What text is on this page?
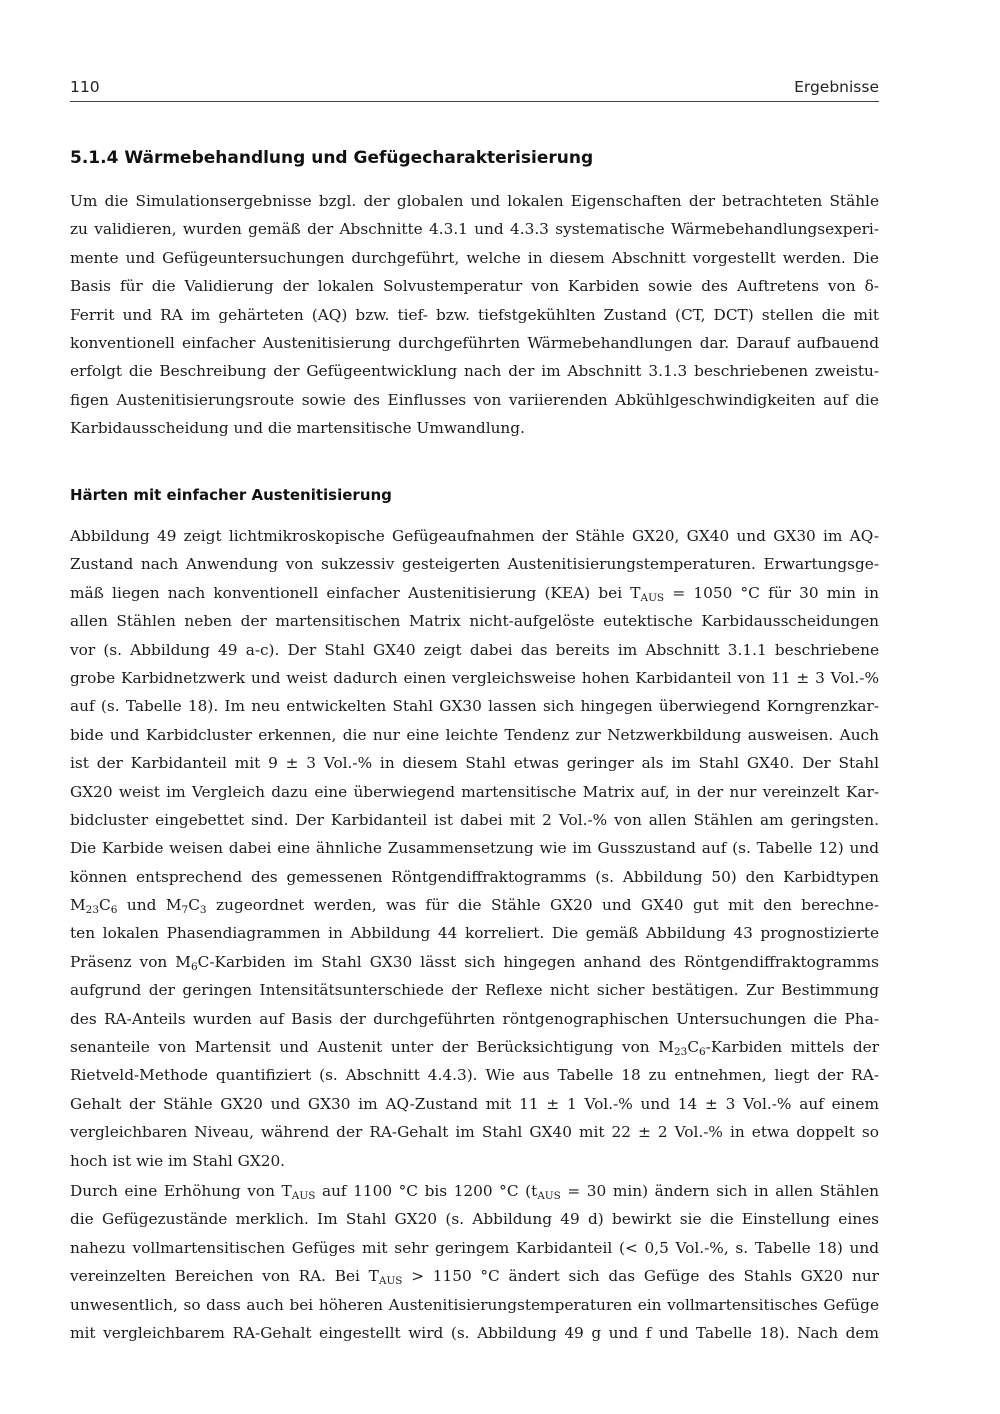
110	Ergebnisse
5.1.4 Wärmebehandlung und Gefügecharakterisierung
Um die Simulationsergebnisse bzgl. der globalen und lokalen Eigenschaften der betrachteten Stähle
zu validieren, wurden gemäß der Abschnitte 4.3.1 und 4.3.3 systematische Wärmebehandlungsexperi-
mente und Gefügeuntersuchungen durchgeführt, welche in diesem Abschnitt vorgestellt werden. Die
Basis für die Validierung der lokalen Solvustemperatur von Karbiden sowie des Auftretens von δ-
Ferrit und RA im gehärteten (AQ) bzw. tief- bzw. tiefstgekühlten Zustand (CT, DCT) stellen die mit
konventionell einfacher Austenitisierung durchgeführten Wärmebehandlungen dar. Darauf aufbauend
erfolgt die Beschreibung der Gefügeentwicklung nach der im Abschnitt 3.1.3 beschriebenen zweistu-
figen Austenitisierungsroute sowie des Einflusses von variierenden Abkühlgeschwindigkeiten auf die
Karbidausscheidung und die martensitische Umwandlung.
Härten mit einfacher Austenitisierung
Abbildung 49 zeigt lichtmikroskopische Gefügeaufnahmen der Stähle GX20, GX40 und GX30 im AQ-
Zustand nach Anwendung von sukzessiv gesteigerten Austenitisierungstemperaturen. Erwartungsge-
mäß liegen nach konventionell einfacher Austenitisierung (KEA) bei $T_{AUS} = 1050$ °C für 30 min in
allen Stählen neben der martensitischen Matrix nicht-aufgelöste eutektische Karbidausscheidungen
vor (s. Abbildung 49 a-c). Der Stahl GX40 zeigt dabei das bereits im Abschnitt 3.1.1 beschriebene
grobe Karbidnetzwerk und weist dadurch einen vergleichsweise hohen Karbidanteil von 11 ± 3 Vol.-%
auf (s. Tabelle 18). Im neu entwickelten Stahl GX30 lassen sich hingegen überwiegend Korngrenzkar-
bide und Karbidcluster erkennen, die nur eine leichte Tendenz zur Netzwerkbildung ausweisen. Auch
ist der Karbidanteil mit 9 ± 3 Vol.-% in diesem Stahl etwas geringer als im Stahl GX40. Der Stahl
GX20 weist im Vergleich dazu eine überwiegend martensitische Matrix auf, in der nur vereinzelt Kar-
bidcluster eingebettet sind. Der Karbidanteil ist dabei mit 2 Vol.-% von allen Stählen am geringsten.
Die Karbide weisen dabei eine ähnliche Zusammensetzung wie im Gusszustand auf (s. Tabelle 12) und
können entsprechend des gemessenen Röntgendiffraktogramms (s. Abbildung 50) den Karbidtypen
$M_{23}C_6$ und $M_7C_3$ zugeordnet werden, was für die Stähle GX20 und GX40 gut mit den berechne-
ten lokalen Phasendiagrammen in Abbildung 44 korreliert. Die gemäß Abbildung 43 prognostizierte
Präsenz von $M_6C$-Karbiden im Stahl GX30 lässt sich hingegen anhand des Röntgendiffraktogramms
aufgrund der geringen Intensitätsunterschiede der Reflexe nicht sicher bestätigen. Zur Bestimmung
des RA-Anteils wurden auf Basis der durchgeführten röntgenographischen Untersuchungen die Pha-
senanteile von Martensit und Austenit unter der Berücksichtigung von $M_{23}C_6$-Karbiden mittels der
Rietveld-Methode quantifiziert (s. Abschnitt 4.4.3). Wie aus Tabelle 18 zu entnehmen, liegt der RA-
Gehalt der Stähle GX20 und GX30 im AQ-Zustand mit 11 ± 1 Vol.-% und 14 ± 3 Vol.-% auf einem
vergleichbaren Niveau, während der RA-Gehalt im Stahl GX40 mit 22 ± 2 Vol.-% in etwa doppelt so
hoch ist wie im Stahl GX20.
Durch eine Erhöhung von $T_{AUS}$ auf 1100 °C bis 1200 °C ($t_{AUS} = 30$ min) ändern sich in allen Stählen
die Gefügezustände merklich. Im Stahl GX20 (s. Abbildung 49 d) bewirkt sie die Einstellung eines
nahezu vollmartensitischen Gefüges mit sehr geringem Karbidanteil (< 0,5 Vol.-%, s. Tabelle 18) und
vereinzelten Bereichen von RA. Bei $T_{AUS} > 1150$ °C ändert sich das Gefüge des Stahls GX20 nur
unwesentlich, so dass auch bei höheren Austenitisierungstemperaturen ein vollmartensitisches Gefüge
mit vergleichbarem RA-Gehalt eingestellt wird (s. Abbildung 49 g und f und Tabelle 18). Nach dem
